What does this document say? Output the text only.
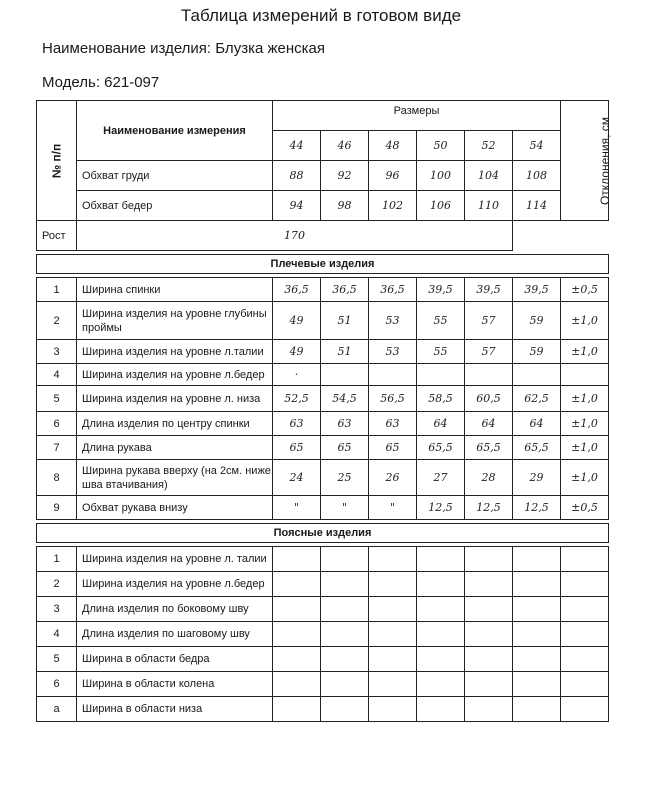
Таблица измерений в готовом виде
Наименование изделия: Блузка женская
Модель: 621-097
№ п/п	Наименование измерения	Размеры						Отклонения, см
		44	46	48	50	52	54	
	Обхват груди	88	92	96	100	104	108	
	Обхват бедер	94	98	102	106	110	114	
Рост	170							

Плечевые изделия								

1	Ширина спинки	36,5	36,5	36,5	39,5	39,5	39,5	±0,5
2	Ширина изделия на уровне глубины проймы	49	51	53	55	57	59	±1,0
3	Ширина изделия на уровне л.талии	49	51	53	55	57	59	±1,0
4	Ширина изделия на уровне л.бедер	·						
5	Ширина изделия на уровне л. низа	52,5	54,5	56,5	58,5	60,5	62,5	±1,0
6	Длина изделия по центру спинки	63	63	63	64	64	64	±1,0
7	Длина рукава	65	65	65	65,5	65,5	65,5	±1,0
8	Ширина рукава вверху (на 2см. ниже шва втачивания)	24	25	26	27	28	29	±1,0
9	Обхват рукава внизу	"	"	"	12,5	12,5	12,5	±0,5

Поясные изделия								

1	Ширина изделия на уровне л. талии							
2	Ширина изделия на уровне л.бедер							
3	Длина изделия по боковому шву							
4	Длина изделия по шаговому шву							
5	Ширина в области бедра							
6	Ширина в области колена							
а	Ширина в области низа							
